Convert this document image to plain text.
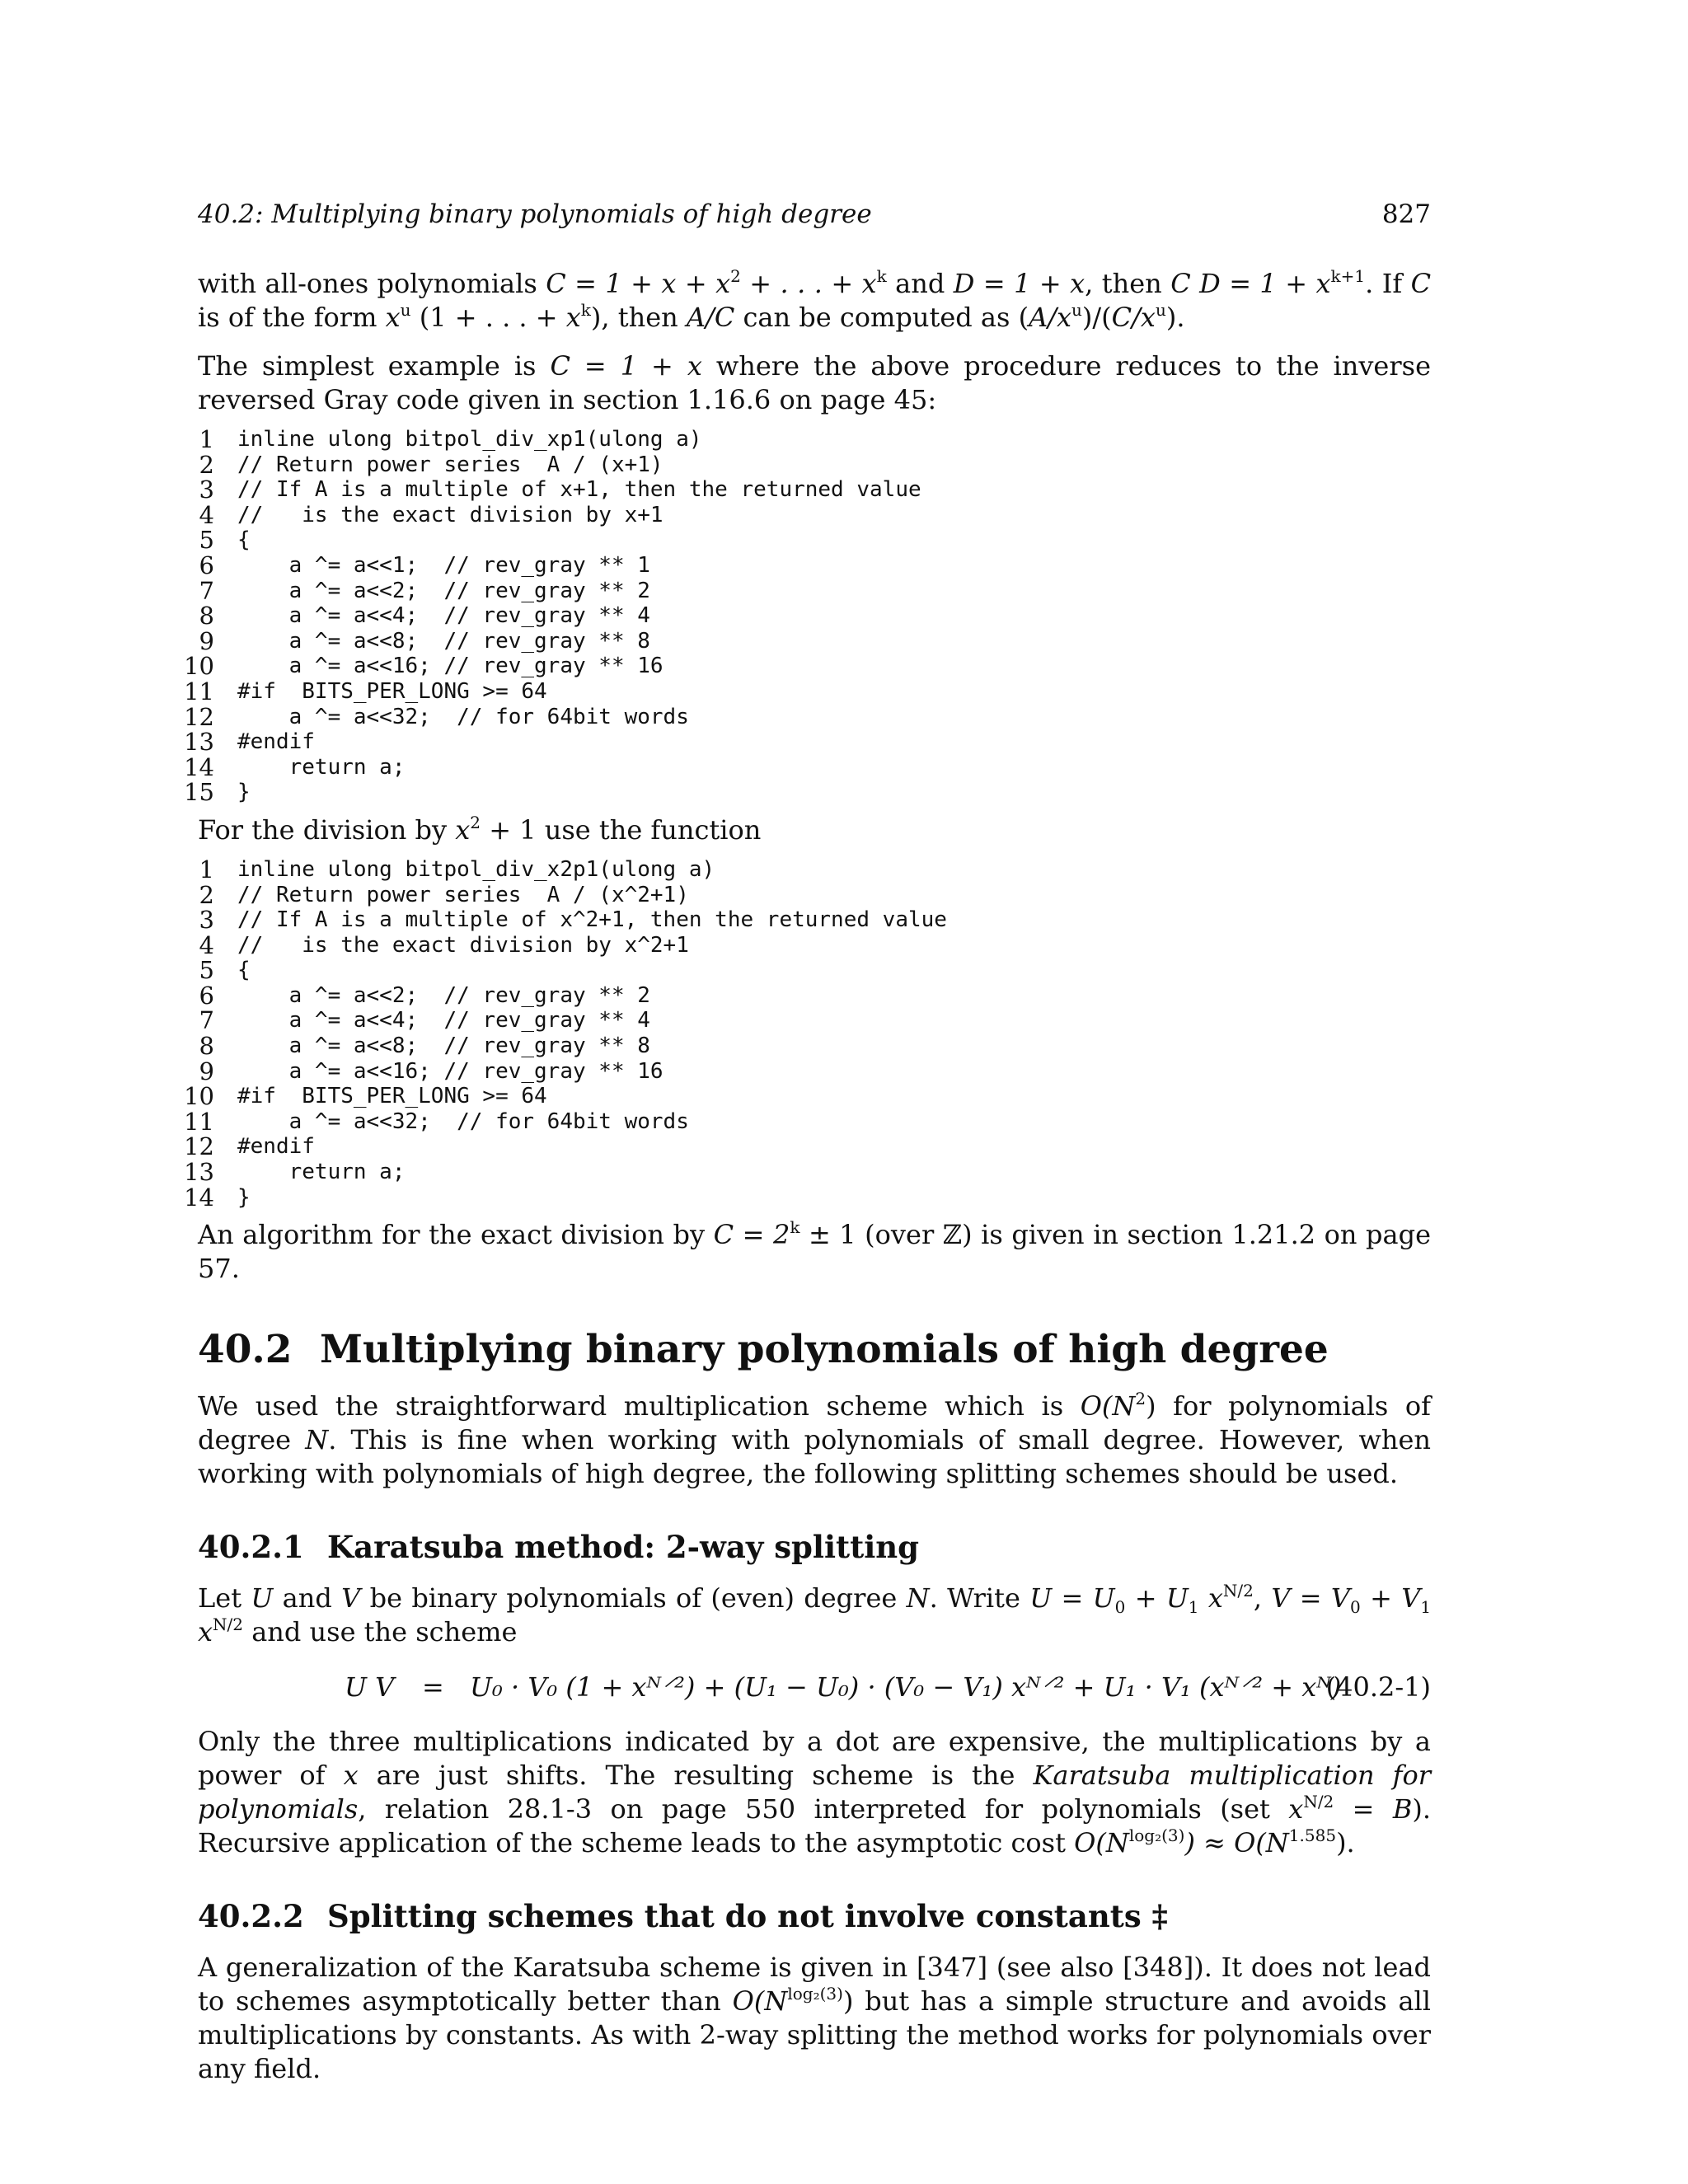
40.2: Multiplying binary polynomials of high degree	827

with all-ones polynomials $C = 1 + x + x^2$ + . . . + $x^k$ and D = 1 + x, then C $D = 1 + x^{k+1}$. If C is of the form $x^u$ (1 + . . . + $x^k$), then A/C can be computed as $(A/x^u)/(C/x^u)$.

The simplest example is C = 1 + x where the above procedure reduces to the inverse reversed Gray code given in section 1.16.6 on page 45:

1 inline ulong bitpol_div_xp1(ulong a)
2 // Return power series  A / (x+1)
3 // If A is a multiple of x+1, then the returned value
4 //   is the exact division by x+1
5 {
6 a ^= a<<1;  // rev_gray ** 1
7 a ^= a<<2;  // rev_gray ** 2
8 a ^= a<<4;  // rev_gray ** 4
9 a ^= a<<8;  // rev_gray ** 8
10 a ^= a<<16; // rev_gray ** 16
11 #if  BITS_PER_LONG >= 64
12 a ^= a<<32;  // for 64bit words
13 #endif
14 return a;
15 }

For the division by $x^2 + 1$ use the function

1 inline ulong bitpol_div_x2p1(ulong a)
2 // Return power series  A / (x^2+1)
3 // If A is a multiple of x^2+1, then the returned value
4 //   is the exact division by x^2+1
5 {
6 a ^= a<<2;  // rev_gray ** 2
7 a ^= a<<4;  // rev_gray ** 4
8 a ^= a<<8;  // rev_gray ** 8
9 a ^= a<<16; // rev_gray ** 16
10 #if  BITS_PER_LONG >= 64
11 a ^= a<<32;  // for 64bit words
12 #endif
13 return a;
14 }

An algorithm for the exact division by $C = 2^k \pm 1$ (over ℤ) is given in section 1.21.2 on page 57.

40.2 Multiplying binary polynomials of high degree

We used the straightforward multiplication scheme which is $O(N^2)$ for polynomials of degree N. This is fine when working with polynomials of small degree. However, when working with polynomials of high degree, the following splitting schemes should be used.

40.2.1 Karatsuba method: 2-way splitting

Let U and V be binary polynomials of (even) degree N. Write $U = U_0 + U_1$ $x^{N/2}$, $V = V_0 + V_1$ $x^{N/2}$ and use the scheme

U V = U₀ · V₀ (1 + xᴺ⸍²) + (U₁ − U₀) · (V₀ − V₁) xᴺ⸍² + U₁ · V₁ (xᴺ⸍² + xᴺ)
(40.2-1)

Only the three multiplications indicated by a dot are expensive, the multiplications by a power of x are just shifts. The resulting scheme is the Karatsuba multiplication for polynomials, relation 28.1-3 on page 550 interpreted for polynomials (set $x^{N/2} = B$). Recursive application of the scheme leads to the asymptotic cost $O(N^{log_2(3)}) \approx O(N^{1.585})$.

40.2.2 Splitting schemes that do not involve constants ‡

A generalization of the Karatsuba scheme is given in [347] (see also [348]). It does not lead to schemes asymptotically better than $O(N^{log_2(3)})$ but has a simple structure and avoids all multiplications by constants. As with 2-way splitting the method works for polynomials over any field.
